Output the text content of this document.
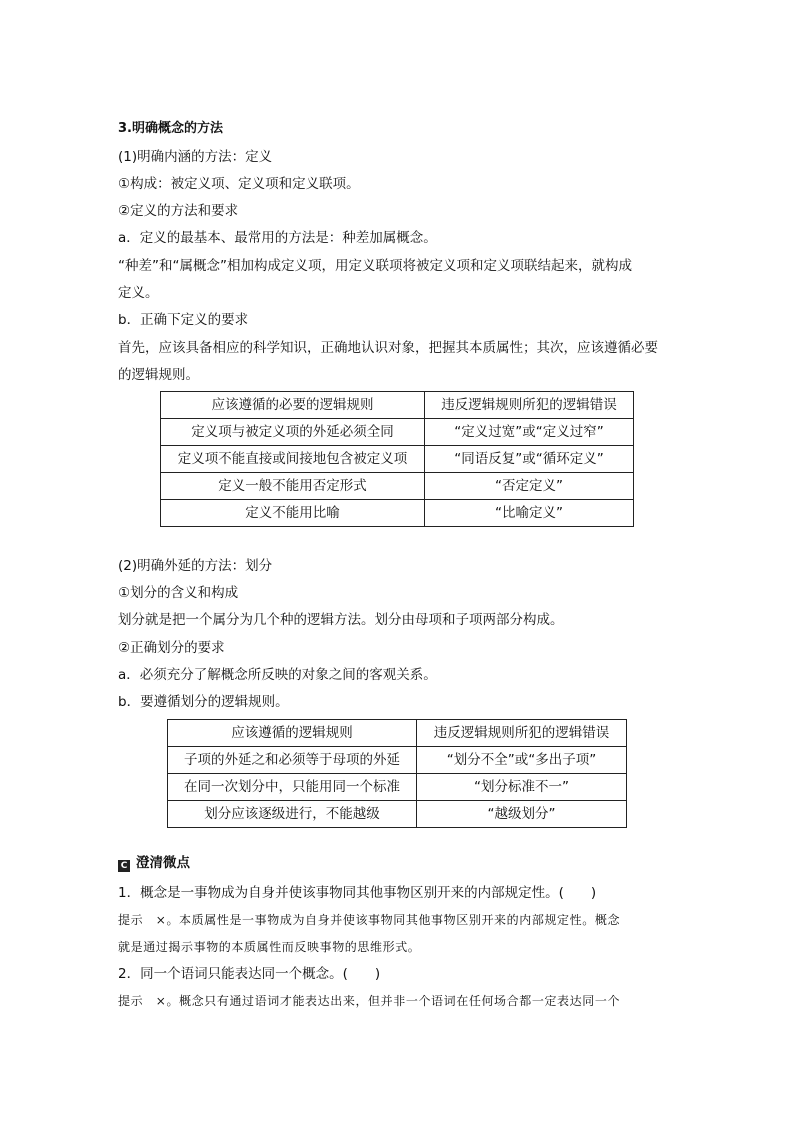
3.明确概念的方法
(1)明确内涵的方法：定义
①构成：被定义项、定义项和定义联项。
②定义的方法和要求
a．定义的最基本、最常用的方法是：种差加属概念。
“种差”和“属概念”相加构成定义项，用定义联项将被定义项和定义项联结起来，就构成
定义。
b．正确下定义的要求
首先，应该具备相应的科学知识，正确地认识对象，把握其本质属性；其次，应该遵循必要
的逻辑规则。
应该遵循的必要的逻辑规则	违反逻辑规则所犯的逻辑错误
定义项与被定义项的外延必须全同	“定义过宽”或“定义过窄”
定义项不能直接或间接地包含被定义项	“同语反复”或“循环定义”
定义一般不能用否定形式	“否定定义”
定义不能用比喻	“比喻定义”
(2)明确外延的方法：划分
①划分的含义和构成
划分就是把一个属分为几个种的逻辑方法。划分由母项和子项两部分构成。
②正确划分的要求
a．必须充分了解概念所反映的对象之间的客观关系。
b．要遵循划分的逻辑规则。
应该遵循的逻辑规则	违反逻辑规则所犯的逻辑错误
子项的外延之和必须等于母项的外延	“划分不全”或“多出子项”
在同一次划分中，只能用同一个标准	“划分标准不一”
划分应该逐级进行，不能越级	“越级划分”
C 澄清微点
1．概念是一事物成为自身并使该事物同其他事物区别开来的内部规定性。(　　)
提示　×。本质属性是一事物成为自身并使该事物同其他事物区别开来的内部规定性。概念
就是通过揭示事物的本质属性而反映事物的思维形式。
2．同一个语词只能表达同一个概念。(　　)
提示　×。概念只有通过语词才能表达出来，但并非一个语词在任何场合都一定表达同一个
